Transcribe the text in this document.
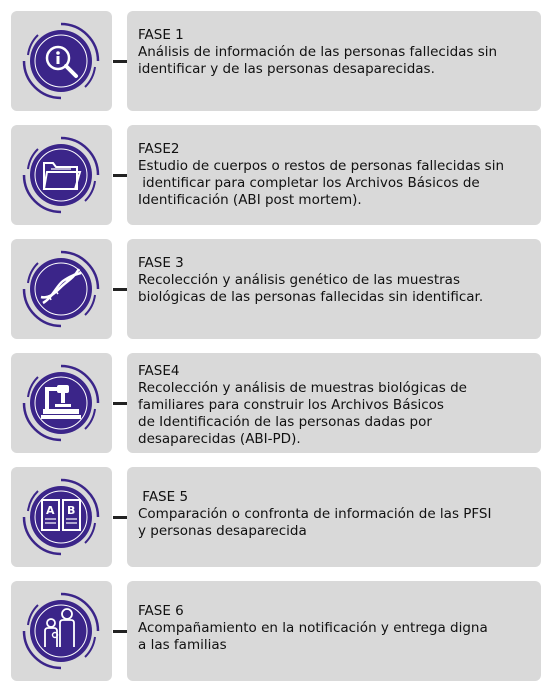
FASE 1
Análisis de información de las personas fallecidas sin
identificar y de las personas desaparecidas.
FASE2
Estudio de cuerpos o restos de personas fallecidas sin
identificar para completar los Archivos Básicos de
Identificación (ABI post mortem).
FASE 3
Recolección y análisis genético de las muestras
biológicas de las personas fallecidas sin identificar.
FASE4
Recolección y análisis de muestras biológicas de
familiares para construir los Archivos Básicos
de Identificación de las personas dadas por
desaparecidas (ABI-PD).
A B
FASE 5
Comparación o confronta de información de las PFSI
y personas desaparecida
FASE 6
Acompañamiento en la notificación y entrega digna
a las familias
